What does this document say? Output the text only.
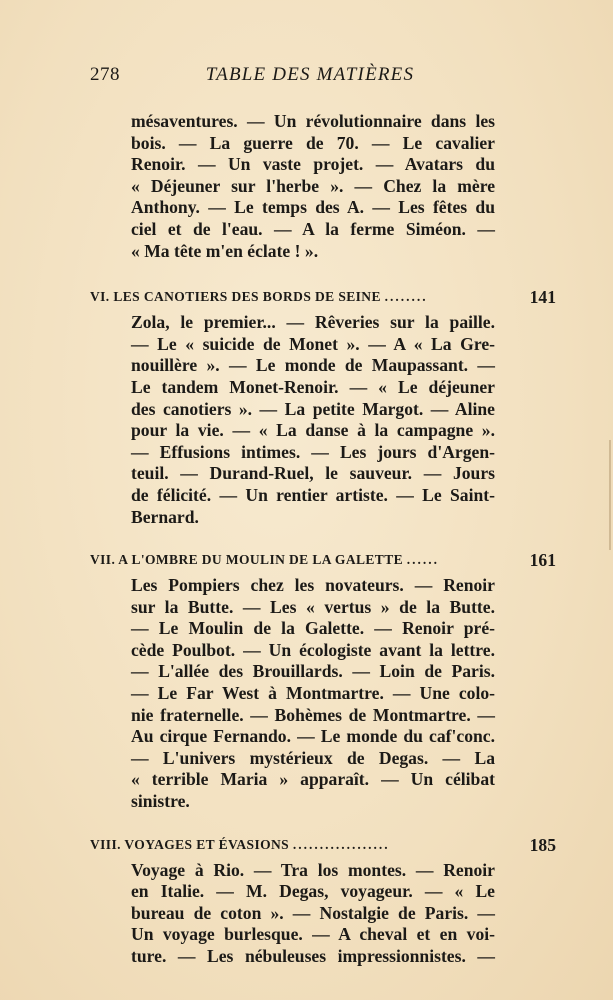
278	TABLE DES MATIÈRES
mésaventures. — Un révolutionnaire dans les
bois. — La guerre de 70. — Le cavalier
Renoir. — Un vaste projet. — Avatars du
« Déjeuner sur l'herbe ». — Chez la mère
Anthony. — Le temps des A. — Les fêtes du
ciel et de l'eau. — A la ferme Siméon. —
« Ma tête m'en éclate ! ».
VI. LES CANOTIERS DES BORDS DE SEINE ........	141
Zola, le premier... — Rêveries sur la paille.
— Le « suicide de Monet ». — A « La Gre-
nouillère ». — Le monde de Maupassant. —
Le tandem Monet-Renoir. — « Le déjeuner
des canotiers ». — La petite Margot. — Aline
pour la vie. — « La danse à la campagne ».
— Effusions intimes. — Les jours d'Argen-
teuil. — Durand-Ruel, le sauveur. — Jours
de félicité. — Un rentier artiste. — Le Saint-
Bernard.
VII. A L'OMBRE DU MOULIN DE LA GALETTE ......	161
Les Pompiers chez les novateurs. — Renoir
sur la Butte. — Les « vertus » de la Butte.
— Le Moulin de la Galette. — Renoir pré-
cède Poulbot. — Un écologiste avant la lettre.
— L'allée des Brouillards. — Loin de Paris.
— Le Far West à Montmartre. — Une colo-
nie fraternelle. — Bohèmes de Montmartre. —
Au cirque Fernando. — Le monde du caf'conc.
— L'univers mystérieux de Degas. — La
« terrible Maria » apparaît. — Un célibat
sinistre.
VIII. VOYAGES ET ÉVASIONS ..................	185
Voyage à Rio. — Tra los montes. — Renoir
en Italie. — M. Degas, voyageur. — « Le
bureau de coton ». — Nostalgie de Paris. —
Un voyage burlesque. — A cheval et en voi-
ture. — Les nébuleuses impressionnistes. —
